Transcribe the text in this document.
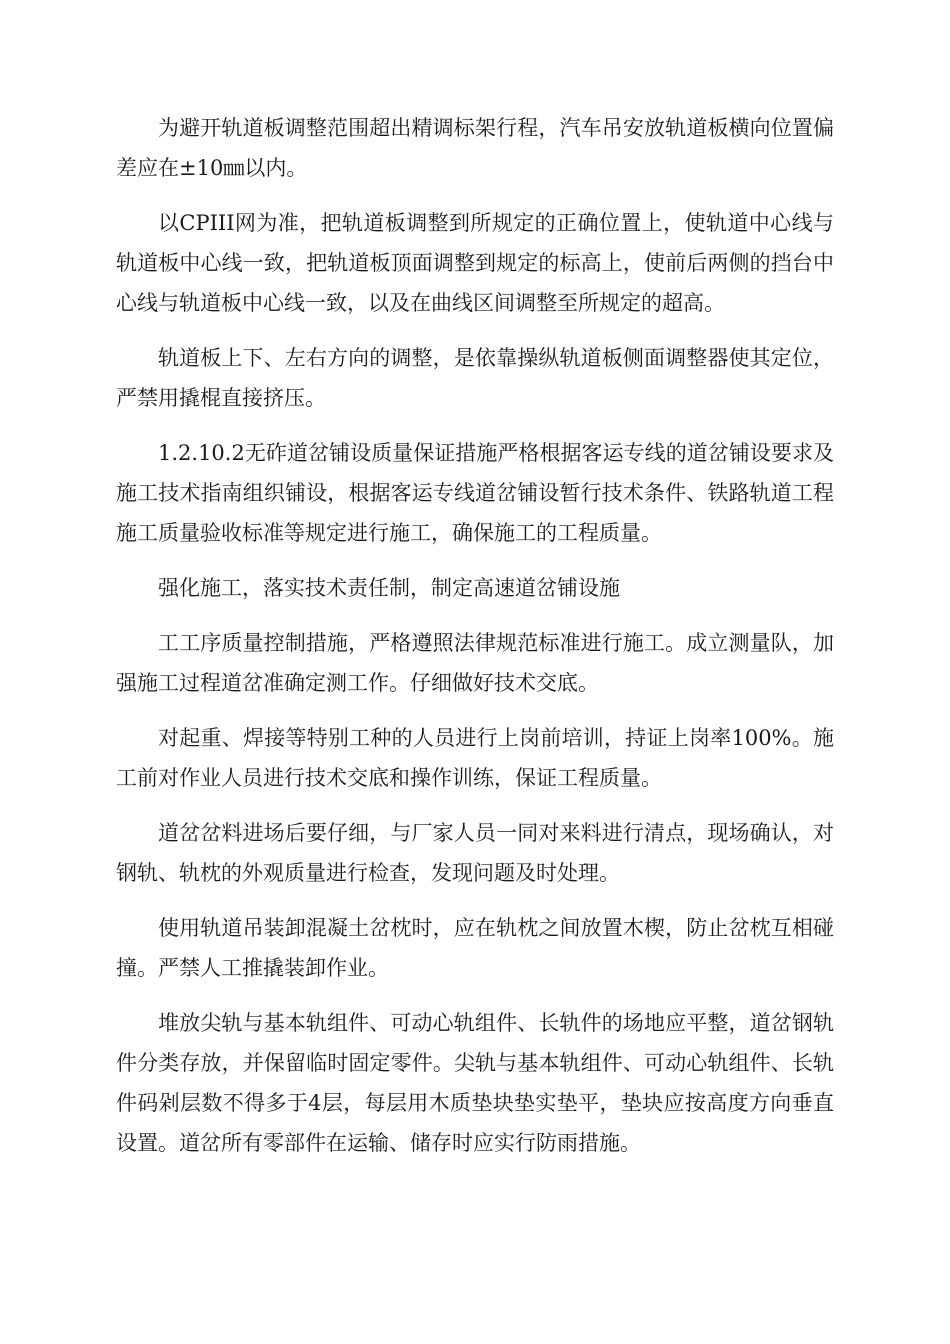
为避开轨道板调整范围超出精调标架行程，汽车吊安放轨道板横向位置偏差应在±10㎜以内。

以CPIII网为准，把轨道板调整到所规定的正确位置上，使轨道中心线与轨道板中心线一致，把轨道板顶面调整到规定的标高上，使前后两侧的挡台中心线与轨道板中心线一致，以及在曲线区间调整至所规定的超高。

轨道板上下、左右方向的调整，是依靠操纵轨道板侧面调整器使其定位，严禁用撬棍直接挤压。

1.2.10.2无砟道岔铺设质量保证措施严格根据客运专线的道岔铺设要求及施工技术指南组织铺设，根据客运专线道岔铺设暂行技术条件、铁路轨道工程施工质量验收标准等规定进行施工，确保施工的工程质量。

强化施工，落实技术责任制，制定高速道岔铺设施

工工序质量控制措施，严格遵照法律规范标准进行施工。成立测量队，加强施工过程道岔准确定测工作。仔细做好技术交底。

对起重、焊接等特别工种的人员进行上岗前培训，持证上岗率100%。施工前对作业人员进行技术交底和操作训练，保证工程质量。

道岔岔料进场后要仔细，与厂家人员一同对来料进行清点，现场确认，对钢轨、轨枕的外观质量进行检查，发现问题及时处理。

使用轨道吊装卸混凝土岔枕时，应在轨枕之间放置木楔，防止岔枕互相碰撞。严禁人工推撬装卸作业。

堆放尖轨与基本轨组件、可动心轨组件、长轨件的场地应平整，道岔钢轨件分类存放，并保留临时固定零件。尖轨与基本轨组件、可动心轨组件、长轨件码剁层数不得多于4层，每层用木质垫块垫实垫平，垫块应按高度方向垂直设置。道岔所有零部件在运输、储存时应实行防雨措施。
